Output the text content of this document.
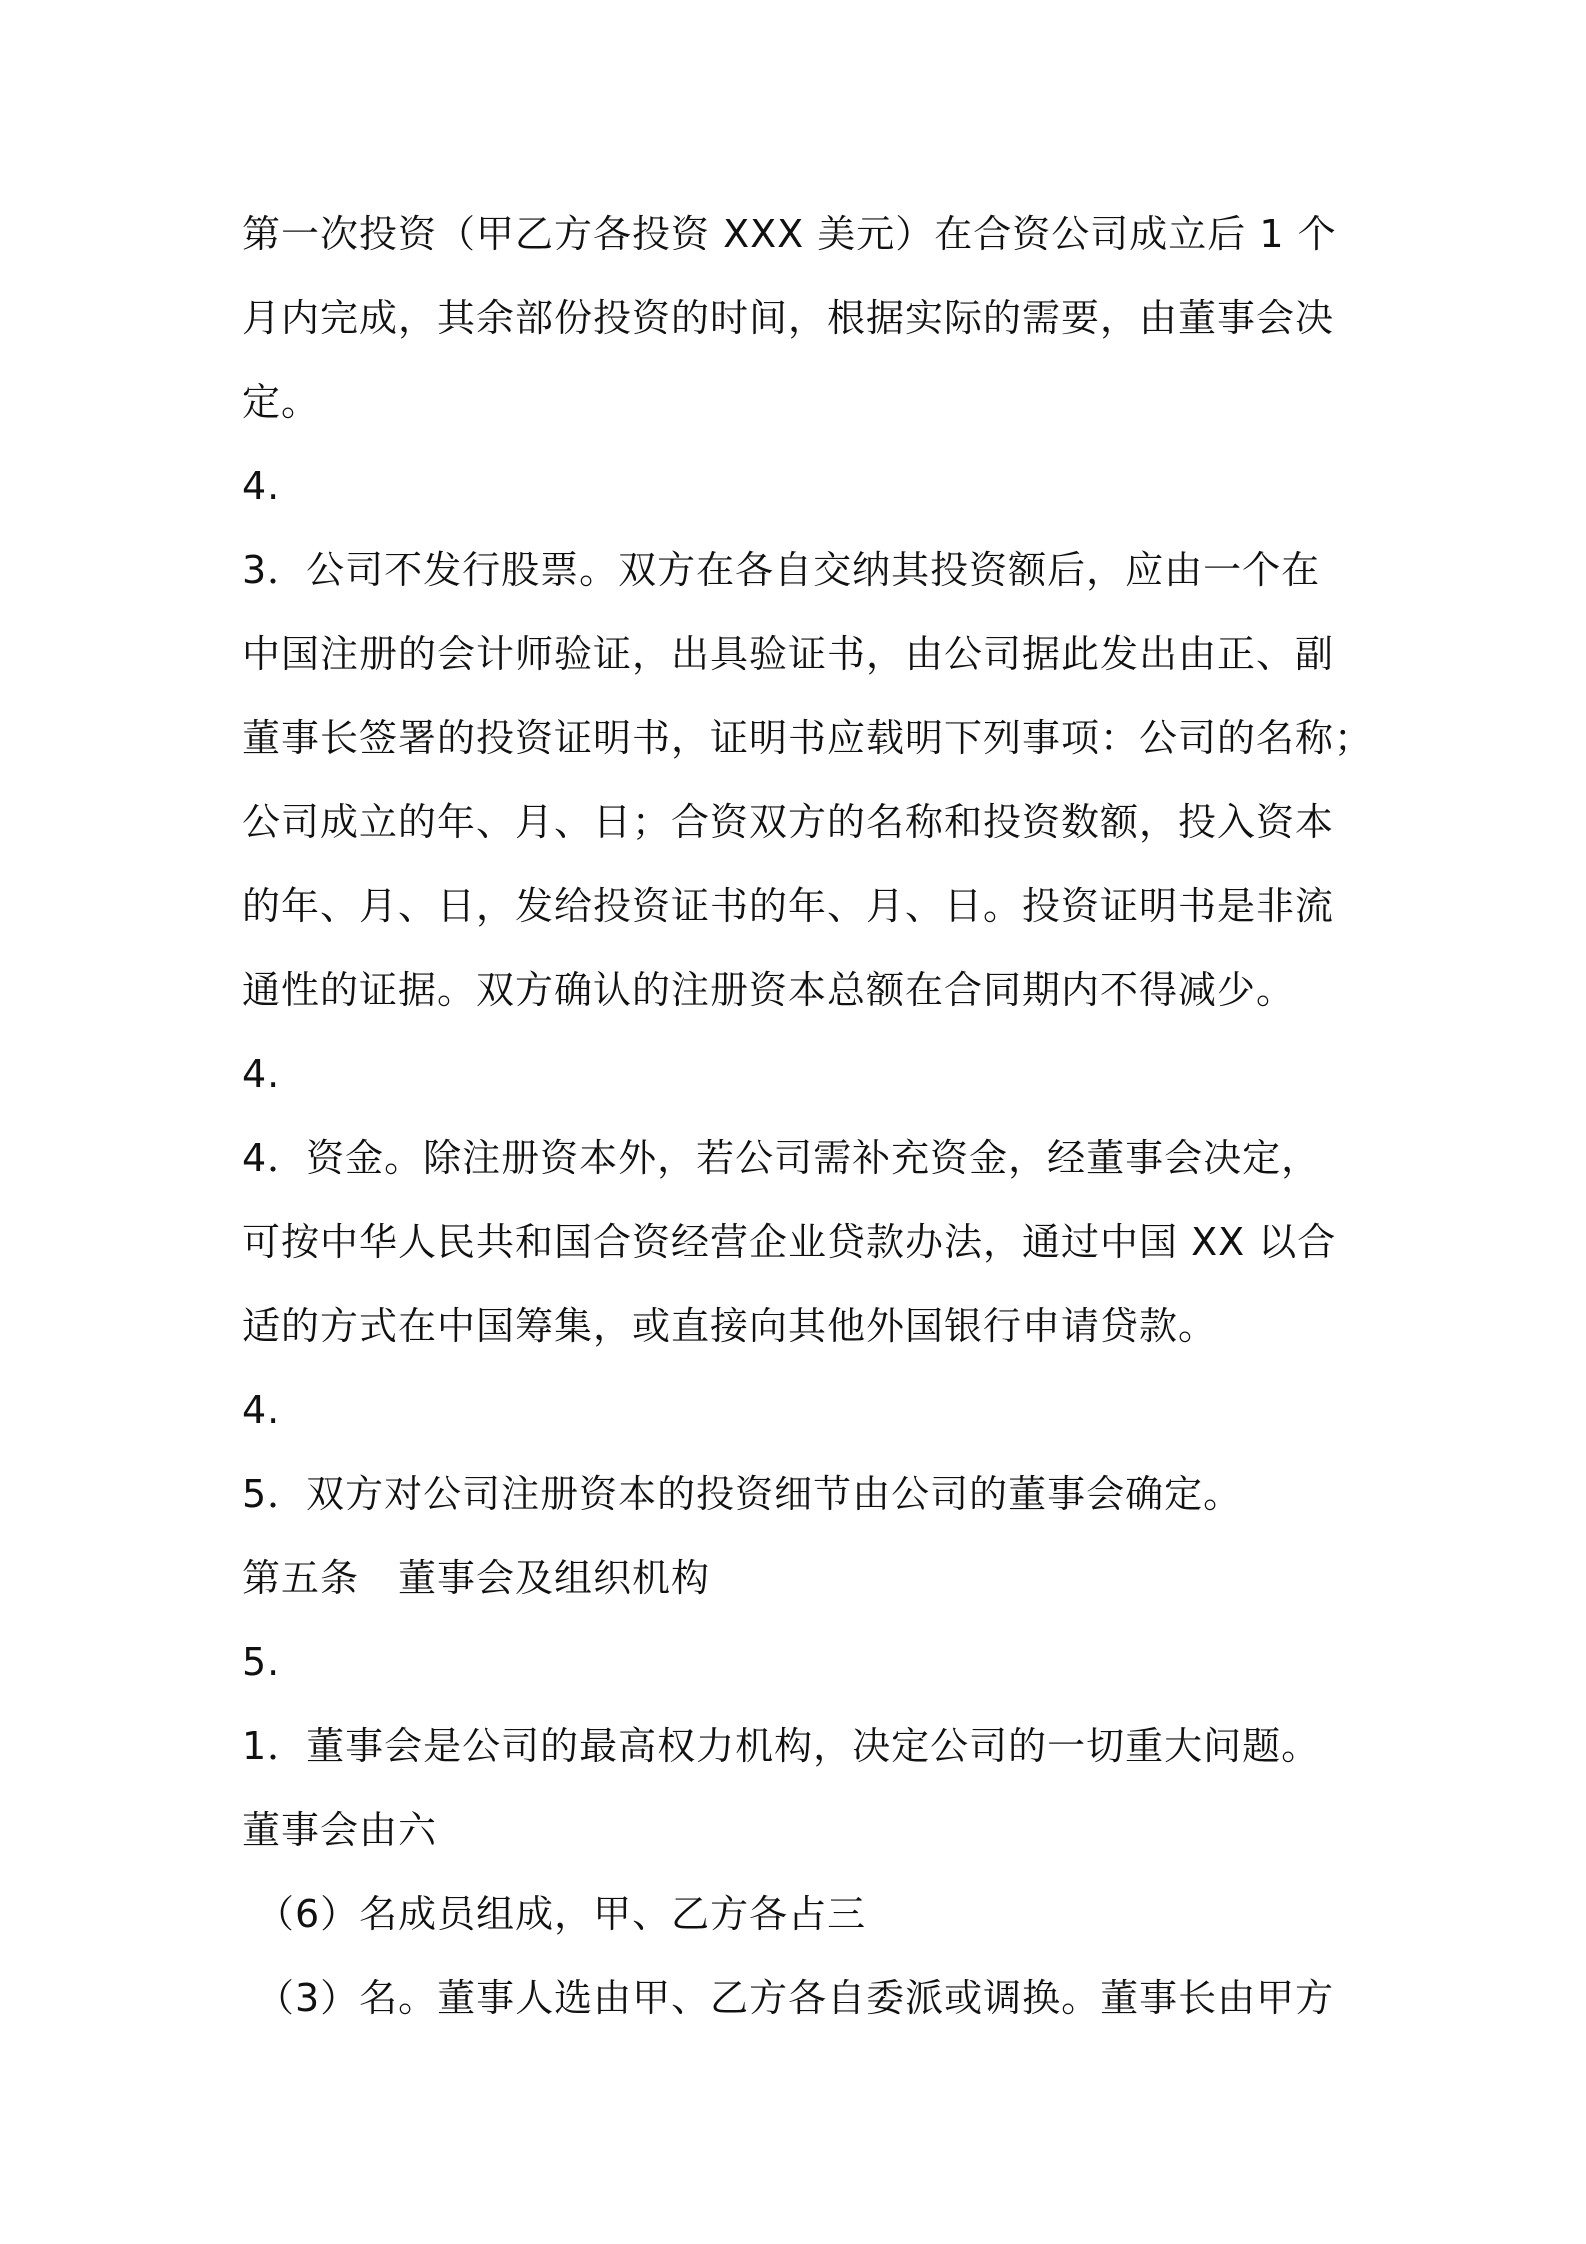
第一次投资（甲乙方各投资 XXX 美元）在合资公司成立后 1 个
月内完成，其余部份投资的时间，根据实际的需要，由董事会决
定。
4.
3．公司不发行股票。双方在各自交纳其投资额后，应由一个在
中国注册的会计师验证，出具验证书，由公司据此发出由正、副
董事长签署的投资证明书，证明书应载明下列事项：公司的名称；
公司成立的年、月、日；合资双方的名称和投资数额，投入资本
的年、月、日，发给投资证书的年、月、日。投资证明书是非流
通性的证据。双方确认的注册资本总额在合同期内不得减少。
4.
4．资金。除注册资本外，若公司需补充资金，经董事会决定，
可按中华人民共和国合资经营企业贷款办法，通过中国 XX 以合
适的方式在中国筹集，或直接向其他外国银行申请贷款。
4.
5．双方对公司注册资本的投资细节由公司的董事会确定。
第五条　董事会及组织机构
5.
1．董事会是公司的最高权力机构，决定公司的一切重大问题。
董事会由六
（6）名成员组成，甲、乙方各占三
（3）名。董事人选由甲、乙方各自委派或调换。董事长由甲方
